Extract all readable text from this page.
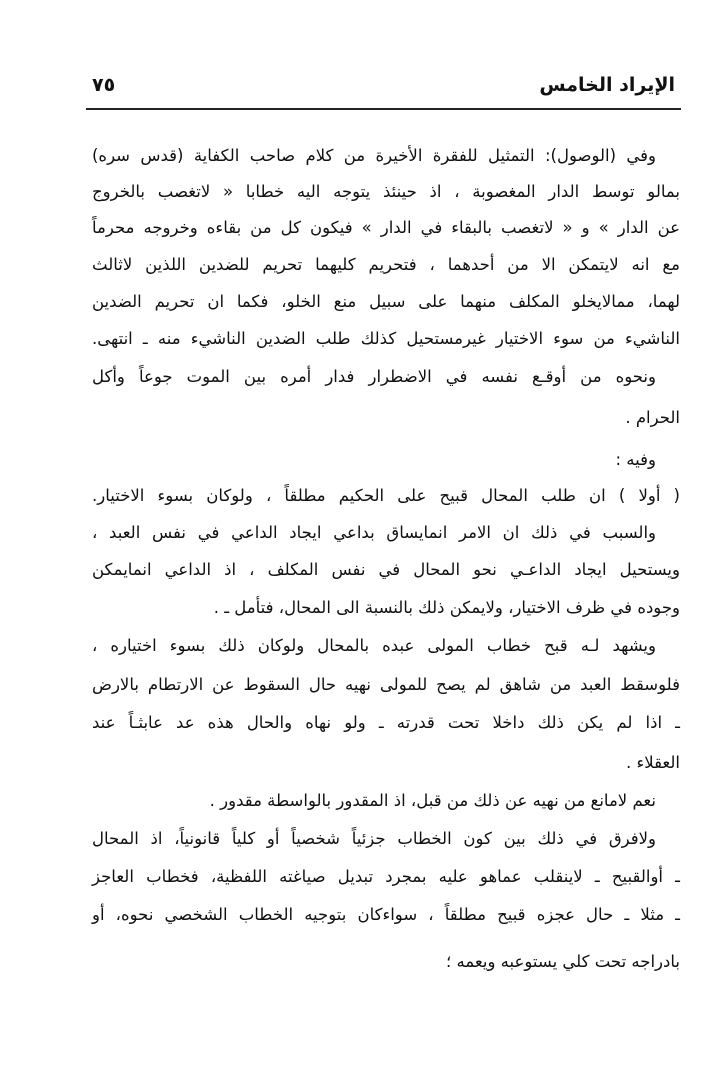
٧٥	الإيراد الخامس
وفي (الوصول): التمثيل للفقرة الأخيرة من كلام صاحب الكفاية (قدس سره)
بمالو توسط الدار المغصوبة ، اذ حينئذ يتوجه اليه خطابا « لاتغصب بالخروج
عن الدار » و « لاتغصب بالبقاء في الدار » فيكون كل من بقاءه وخروجه محرماً
مع انه لايتمكن الا من أحدهما ، فتحريم كليهما تحريم للضدين اللذين لاثالث
لهما، ممالايخلو المكلف منهما على سبيل منع الخلو، فكما ان تحريم الضدين
الناشيء من سوء الاختيار غيرمستحيل كذلك طلب الضدين الناشيء منه ـ انتهى.
ونحوه من أوقـع نفسه في الاضطرار فدار أمره بين الموت جوعاً وأكل
الحرام .
وفيه :
( أولا ) ان طلب المحال قبيح على الحكيم مطلقاً ، ولوكان بسوء الاختيار.
والسبب في ذلك ان الامر انمايساق بداعي ايجاد الداعي في نفس العبد ،
ويستحيل ايجاد الداعـي نحو المحال في نفس المكلف ، اذ الداعي انمايمكن
وجوده في ظرف الاختيار، ولايمكن ذلك بالنسبة الى المحال، فتأمل ـ .
ويشهد لـه قبح خطاب المولى عبده بالمحال ولوكان ذلك بسوء اختياره ،
فلوسقط العبد من شاهق لم يصح للمولى نهيه حال السقوط عن الارتطام بالارض
ـ اذا لم يكن ذلك داخلا تحت قدرته ـ ولو نهاه والحال هذه عد عابثـاً عند
العقلاء .
نعم لامانع من نهيه عن ذلك من قبل، اذ المقدور بالواسطة مقدور .
ولافرق في ذلك بين كون الخطاب جزئياً شخصياً أو كلياً قانونياً، اذ المحال
ـ أوالقبيح ـ لاينقلب عماهو عليه بمجرد تبديل صياغته اللفظية، فخطاب العاجز
ـ مثلا ـ حال عجزه قبيح مطلقاً ، سواءكان بتوجيه الخطاب الشخصي نحوه، أو
بادراجه تحت كلي يستوعبه ويعمه ؛
